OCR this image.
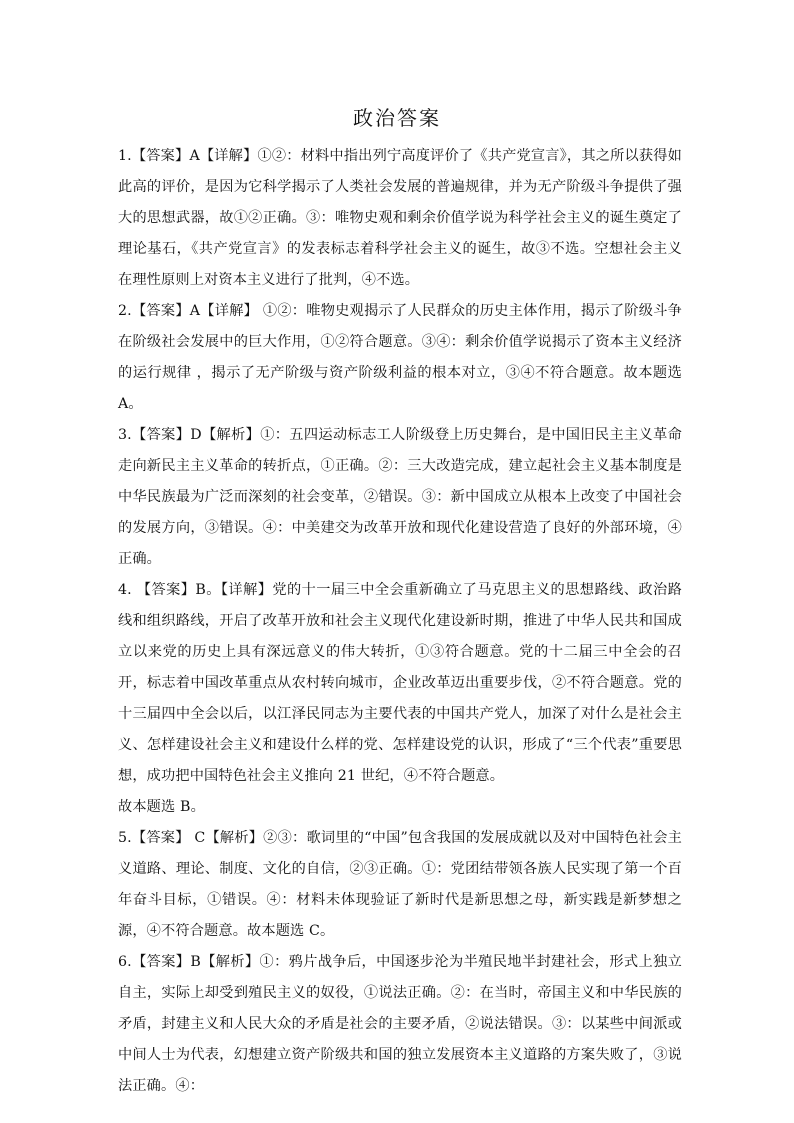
政治答案

1.【答案】A【详解】①②：材料中指出列宁高度评价了《共产党宣言》，其之所以获得如此高的评价，是因为它科学揭示了人类社会发展的普遍规律，并为无产阶级斗争提供了强大的思想武器，故①②正确。③：唯物史观和剩余价值学说为科学社会主义的诞生奠定了理论基石，《共产党宣言》的发表标志着科学社会主义的诞生，故③不选。空想社会主义在理性原则上对资本主义进行了批判，④不选。

2.【答案】A【详解】 ①②：唯物史观揭示了人民群众的历史主体作用，揭示了阶级斗争在阶级社会发展中的巨大作用，①②符合题意。③④：剩余价值学说揭示了资本主义经济的运行规律 ，揭示了无产阶级与资产阶级利益的根本对立，③④不符合题意。故本题选 A。

3.【答案】D【解析】①：五四运动标志工人阶级登上历史舞台，是中国旧民主主义革命走向新民主主义革命的转折点，①正确。②：三大改造完成，建立起社会主义基本制度是中华民族最为广泛而深刻的社会变革，②错误。③：新中国成立从根本上改变了中国社会的发展方向，③错误。④：中美建交为改革开放和现代化建设营造了良好的外部环境，④正确。

4. 【答案】B。【详解】党的十一届三中全会重新确立了马克思主义的思想路线、政治路线和组织路线，开启了改革开放和社会主义现代化建设新时期，推进了中华人民共和国成立以来党的历史上具有深远意义的伟大转折，①③符合题意。党的十二届三中全会的召开，标志着中国改革重点从农村转向城市，企业改革迈出重要步伐，②不符合题意。党的十三届四中全会以后，以江泽民同志为主要代表的中国共产党人，加深了对什么是社会主义、怎样建设社会主义和建设什么样的党、怎样建设党的认识，形成了“三个代表”重要思想，成功把中国特色社会主义推向 21 世纪，④不符合题意。

故本题选 B。

5.【答案】 C【解析】②③：歌词里的“中国”包含我国的发展成就以及对中国特色社会主义道路、理论、制度、文化的自信，②③正确。①：党团结带领各族人民实现了第一个百年奋斗目标，①错误。④：材料未体现验证了新时代是新思想之母，新实践是新梦想之源，④不符合题意。故本题选 C。

6.【答案】B【解析】①：鸦片战争后，中国逐步沦为半殖民地半封建社会，形式上独立自主，实际上却受到殖民主义的奴役，①说法正确。②：在当时，帝国主义和中华民族的矛盾，封建主义和人民大众的矛盾是社会的主要矛盾，②说法错误。③：以某些中间派或中间人士为代表，幻想建立资产阶级共和国的独立发展资本主义道路的方案失败了，③说法正确。④：
